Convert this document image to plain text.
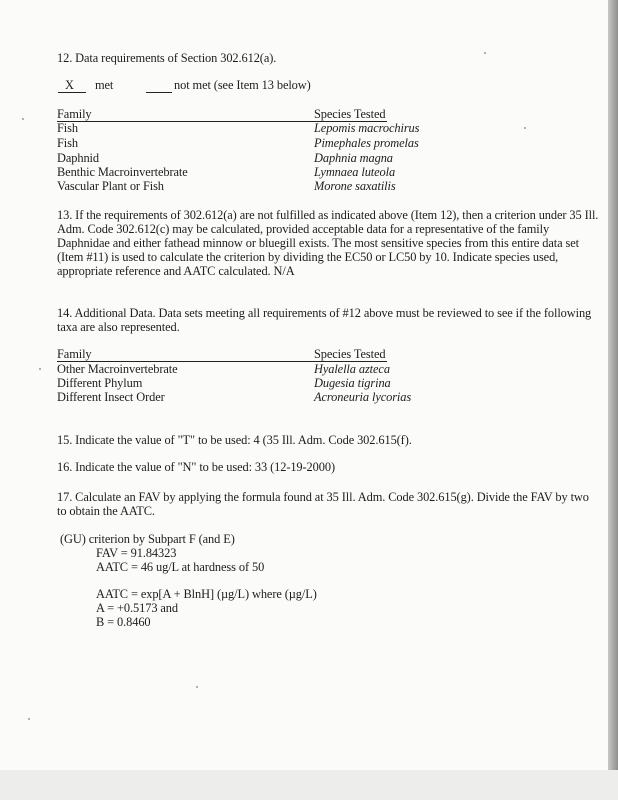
12. Data requirements of Section 302.612(a).
X met	not met (see Item 13 below)
Family	Species Tested
Fish	Lepomis macrochirus
Fish	Pimephales promelas
Daphnid	Daphnia magna
Benthic Macroinvertebrate	Lymnaea luteola
Vascular Plant or Fish	Morone saxatilis
13. If the requirements of 302.612(a) are not fulfilled as indicated above (Item 12), then a criterion under 35 Ill.
Adm. Code 302.612(c) may be calculated, provided acceptable data for a representative of the family
Daphnidae and either fathead minnow or bluegill exists. The most sensitive species from this entire data set
(Item #11) is used to calculate the criterion by dividing the EC50 or LC50 by 10. Indicate species used,
appropriate reference and AATC calculated. N/A
14. Additional Data. Data sets meeting all requirements of #12 above must be reviewed to see if the following
taxa are also represented.
Family	Species Tested
Other Macroinvertebrate	Hyalella azteca
Different Phylum	Dugesia tigrina
Different Insect Order	Acroneuria lycorias
15. Indicate the value of "T" to be used: 4 (35 Ill. Adm. Code 302.615(f).
16. Indicate the value of "N" to be used: 33 (12-19-2000)
17. Calculate an FAV by applying the formula found at 35 Ill. Adm. Code 302.615(g). Divide the FAV by two
to obtain the AATC.
(GU) criterion by Subpart F (and E)
FAV = 91.84323
AATC = 46 ug/L at hardness of 50
AATC = exp[A + BlnH] (µg/L) where (µg/L)
A = +0.5173 and
B = 0.8460
